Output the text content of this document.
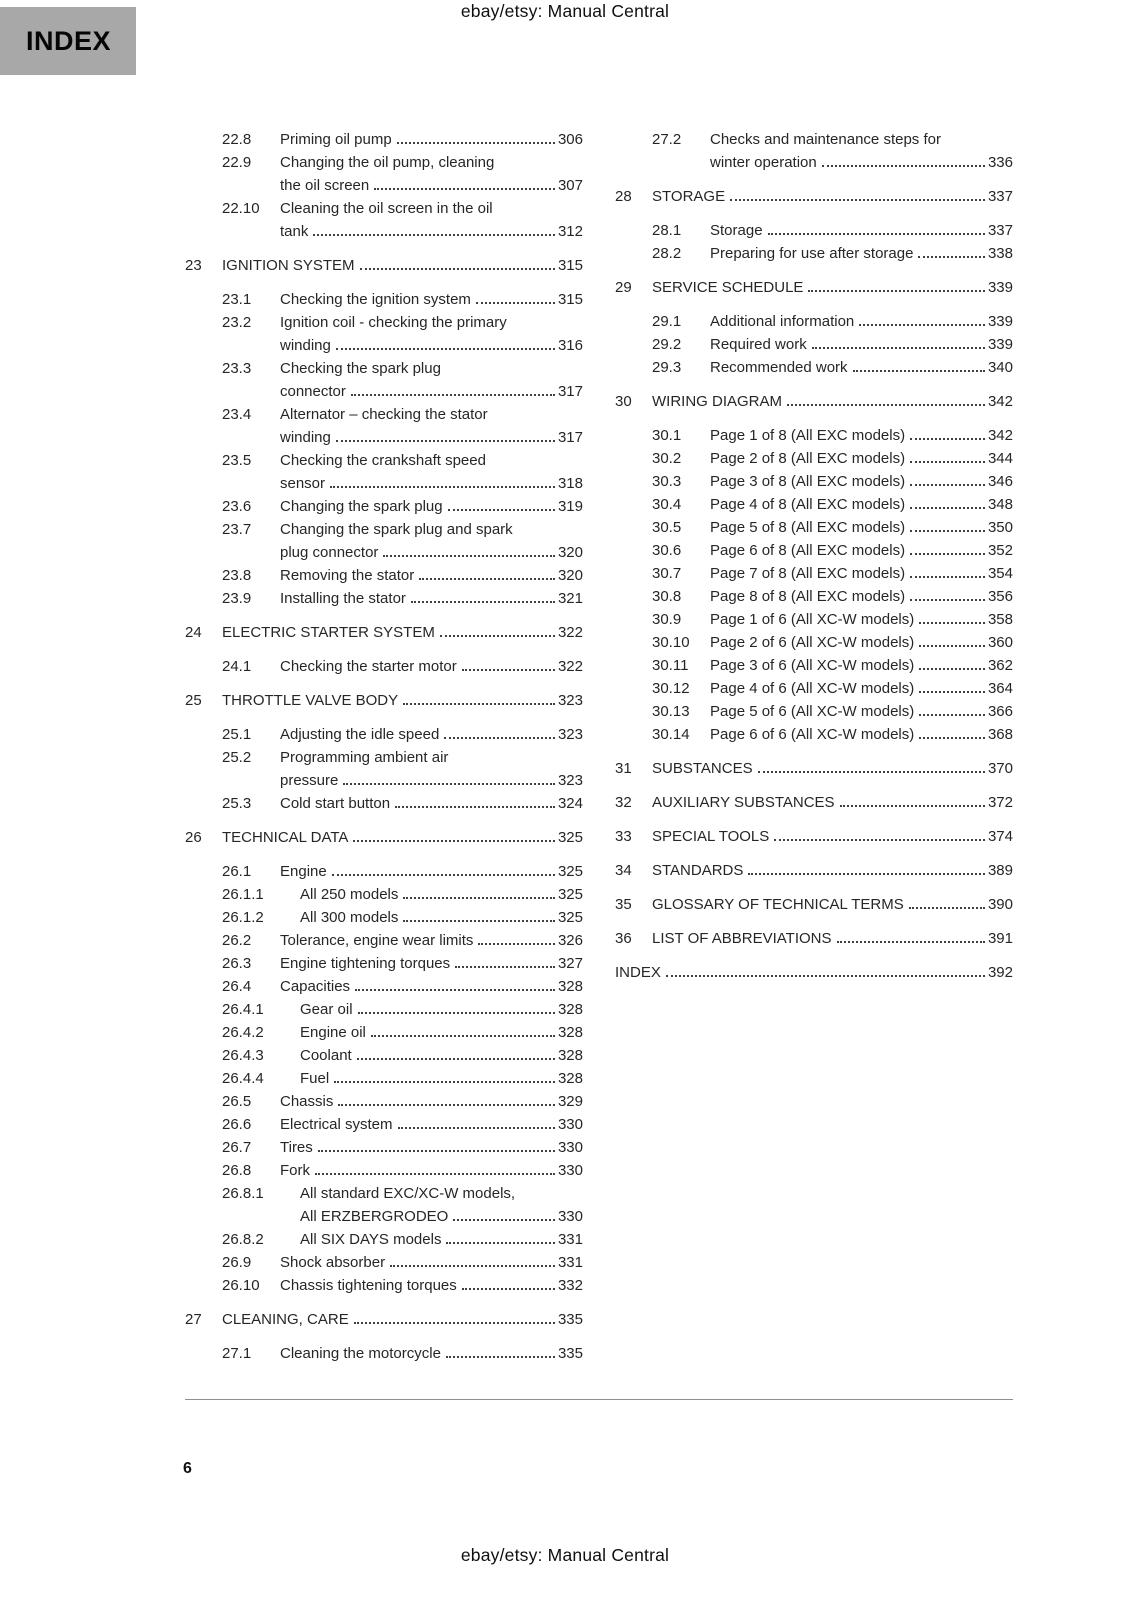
ebay/etsy: Manual Central
INDEX
22.8	Priming oil pump	306
22.9	Changing the oil pump, cleaning
the oil screen	307
22.10	Cleaning the oil screen in the oil
tank	312
23	IGNITION SYSTEM	315
23.1	Checking the ignition system	315
23.2	Ignition coil - checking the primary
winding	316
23.3	Checking the spark plug
connector	317
23.4	Alternator – checking the stator
winding	317
23.5	Checking the crankshaft speed
sensor	318
23.6	Changing the spark plug	319
23.7	Changing the spark plug and spark
plug connector	320
23.8	Removing the stator	320
23.9	Installing the stator	321
24	ELECTRIC STARTER SYSTEM	322
24.1	Checking the starter motor	322
25	THROTTLE VALVE BODY	323
25.1	Adjusting the idle speed	323
25.2	Programming ambient air
pressure	323
25.3	Cold start button	324
26	TECHNICAL DATA	325
26.1	Engine	325
26.1.1	All 250 models	325
26.1.2	All 300 models	325
26.2	Tolerance, engine wear limits	326
26.3	Engine tightening torques	327
26.4	Capacities	328
26.4.1	Gear oil	328
26.4.2	Engine oil	328
26.4.3	Coolant	328
26.4.4	Fuel	328
26.5	Chassis	329
26.6	Electrical system	330
26.7	Tires	330
26.8	Fork	330
26.8.1	All standard EXC/XC-W models,
All ERZBERGRODEO	330
26.8.2	All SIX DAYS models	331
26.9	Shock absorber	331
26.10	Chassis tightening torques	332
27	CLEANING, CARE	335
27.1	Cleaning the motorcycle	335
27.2	Checks and maintenance steps for
winter operation	336
28	STORAGE	337
28.1	Storage	337
28.2	Preparing for use after storage	338
29	SERVICE SCHEDULE	339
29.1	Additional information	339
29.2	Required work	339
29.3	Recommended work	340
30	WIRING DIAGRAM	342
30.1	Page 1 of 8 (All EXC models)	342
30.2	Page 2 of 8 (All EXC models)	344
30.3	Page 3 of 8 (All EXC models)	346
30.4	Page 4 of 8 (All EXC models)	348
30.5	Page 5 of 8 (All EXC models)	350
30.6	Page 6 of 8 (All EXC models)	352
30.7	Page 7 of 8 (All EXC models)	354
30.8	Page 8 of 8 (All EXC models)	356
30.9	Page 1 of 6 (All XC-W models)	358
30.10	Page 2 of 6 (All XC-W models)	360
30.11	Page 3 of 6 (All XC-W models)	362
30.12	Page 4 of 6 (All XC-W models)	364
30.13	Page 5 of 6 (All XC-W models)	366
30.14	Page 6 of 6 (All XC-W models)	368
31	SUBSTANCES	370
32	AUXILIARY SUBSTANCES	372
33	SPECIAL TOOLS	374
34	STANDARDS	389
35	GLOSSARY OF TECHNICAL TERMS	390
36	LIST OF ABBREVIATIONS	391
INDEX	392
6
ebay/etsy: Manual Central
